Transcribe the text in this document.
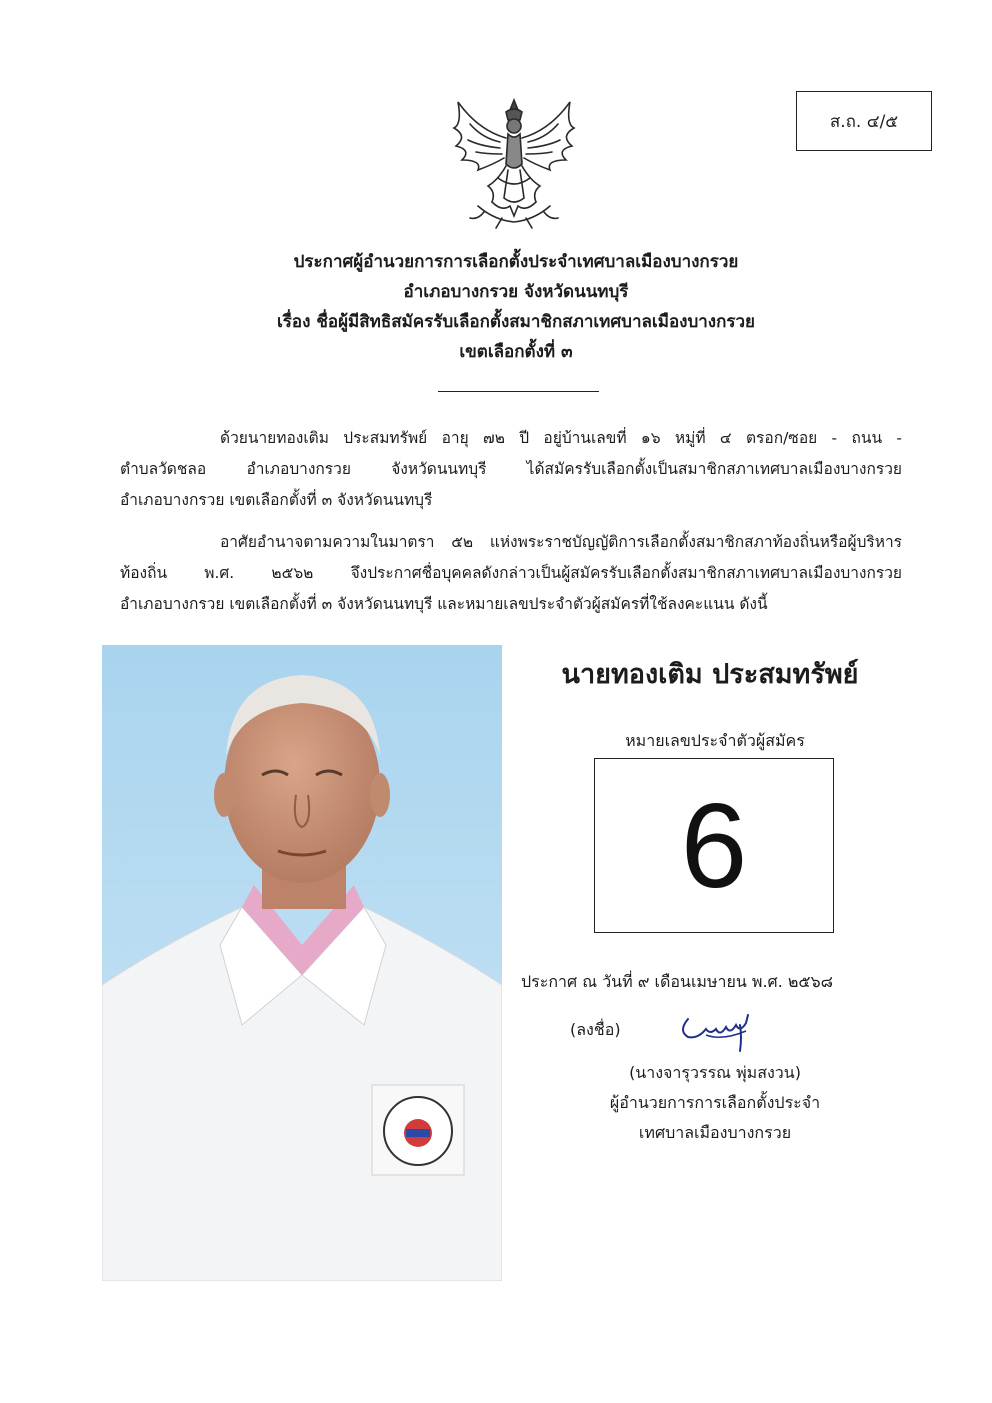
ส.ถ. ๔/๕
ประกาศผู้อำนวยการการเลือกตั้งประจำเทศบาลเมืองบางกรวย
อำเภอบางกรวย จังหวัดนนทบุรี
เรื่อง ชื่อผู้มีสิทธิสมัครรับเลือกตั้งสมาชิกสภาเทศบาลเมืองบางกรวย
เขตเลือกตั้งที่ ๓
ด้วยนายทองเติม ประสมทรัพย์ อายุ ๗๒ ปี อยู่บ้านเลขที่ ๑๖ หมู่ที่ ๔ ตรอก/ซอย - ถนน -
ตำบลวัดชลอ อำเภอบางกรวย จังหวัดนนทบุรี ได้สมัครรับเลือกตั้งเป็นสมาชิกสภาเทศบาลเมืองบางกรวย
อำเภอบางกรวย เขตเลือกตั้งที่ ๓ จังหวัดนนทบุรี
อาศัยอำนาจตามความในมาตรา ๕๒ แห่งพระราชบัญญัติการเลือกตั้งสมาชิกสภาท้องถิ่นหรือผู้บริหาร
ท้องถิ่น พ.ศ. ๒๕๖๒ จึงประกาศชื่อบุคคลดังกล่าวเป็นผู้สมัครรับเลือกตั้งสมาชิกสภาเทศบาลเมืองบางกรวย
อำเภอบางกรวย เขตเลือกตั้งที่ ๓ จังหวัดนนทบุรี และหมายเลขประจำตัวผู้สมัครที่ใช้ลงคะแนน ดังนี้
นายทองเติม ประสมทรัพย์
หมายเลขประจำตัวผู้สมัคร
6
ประกาศ ณ วันที่ ๙ เดือนเมษายน พ.ศ. ๒๕๖๘
(ลงชื่อ)
(นางจารุวรรณ พุ่มสงวน)
ผู้อำนวยการการเลือกตั้งประจำ
เทศบาลเมืองบางกรวย
